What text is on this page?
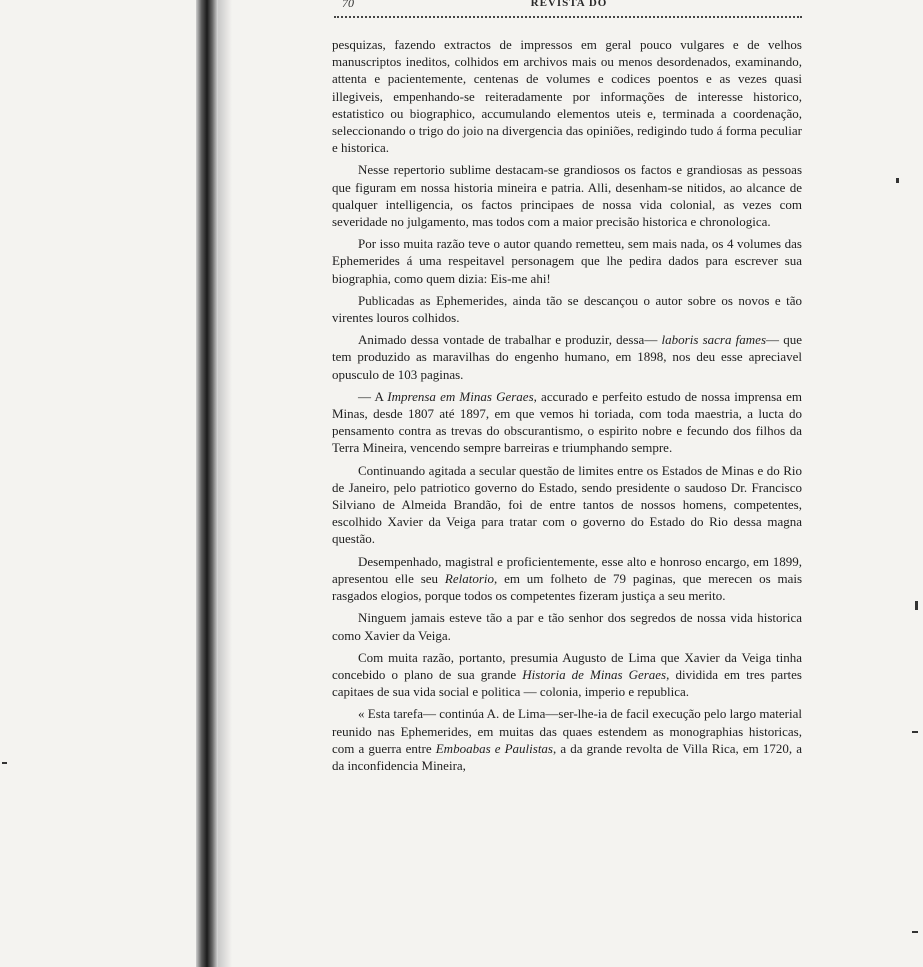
70	REVISTA DO

pesquizas, fazendo extractos de impressos em geral pouco vulgares e de velhos manuscriptos ineditos, colhidos em archivos mais ou menos desordenados, examinando, attenta e pacientemente, centenas de volumes e codices poentos e as vezes quasi illegiveis, empenhando-se reiteradamente por informações de interesse historico, estatistico ou biographico, accumulando elementos uteis e, terminada a coordenação, seleccionando o trigo do joio na divergencia das opiniões, redigindo tudo á forma peculiar e historica.

Nesse repertorio sublime destacam-se grandiosos os factos e grandiosas as pessoas que figuram em nossa historia mineira e patria. Alli, desenham-se nitidos, ao alcance de qualquer intelligencia, os factos principaes de nossa vida colonial, as vezes com severidade no julgamento, mas todos com a maior precisão historica e chronologica.

Por isso muita razão teve o autor quando remetteu, sem mais nada, os 4 volumes das Ephemerides á uma respeitavel personagem que lhe pedira dados para escrever sua biographia, como quem dizia: Eis-me ahi!

Publicadas as Ephemerides, ainda tão se descançou o autor sobre os novos e tão virentes louros colhidos.

Animado dessa vontade de trabalhar e produzir, dessa— laboris sacra fames— que tem produzido as maravilhas do engenho humano, em 1898, nos deu esse apreciavel opusculo de 103 paginas.

— A Imprensa em Minas Geraes, accurado e perfeito estudo de nossa imprensa em Minas, desde 1807 até 1897, em que vemos hi toriada, com toda maestria, a lucta do pensamento contra as trevas do obscurantismo, o espirito nobre e fecundo dos filhos da Terra Mineira, vencendo sempre barreiras e triumphando sempre.

Continuando agitada a secular questão de limites entre os Estados de Minas e do Rio de Janeiro, pelo patriotico governo do Estado, sendo presidente o saudoso Dr. Francisco Silviano de Almeida Brandão, foi de entre tantos de nossos homens, competentes, escolhido Xavier da Veiga para tratar com o governo do Estado do Rio dessa magna questão.

Desempenhado, magistral e proficientemente, esse alto e honroso encargo, em 1899, apresentou elle seu Relatorio, em um folheto de 79 paginas, que merecen os mais rasgados elogios, porque todos os competentes fizeram justiça a seu merito.

Ninguem jamais esteve tão a par e tão senhor dos segredos de nossa vida historica como Xavier da Veiga.

Com muita razão, portanto, presumia Augusto de Lima que Xavier da Veiga tinha concebido o plano de sua grande Historia de Minas Geraes, dividida em tres partes capitaes de sua vida social e politica — colonia, imperio e republica.

« Esta tarefa— continúa A. de Lima—ser-lhe-ia de facil execução pelo largo material reunido nas Ephemerides, em muitas das quaes estendem as monographias historicas, com a guerra entre Emboabas e Paulistas, a da grande revolta de Villa Rica, em 1720, a da inconfidencia Mineira,
